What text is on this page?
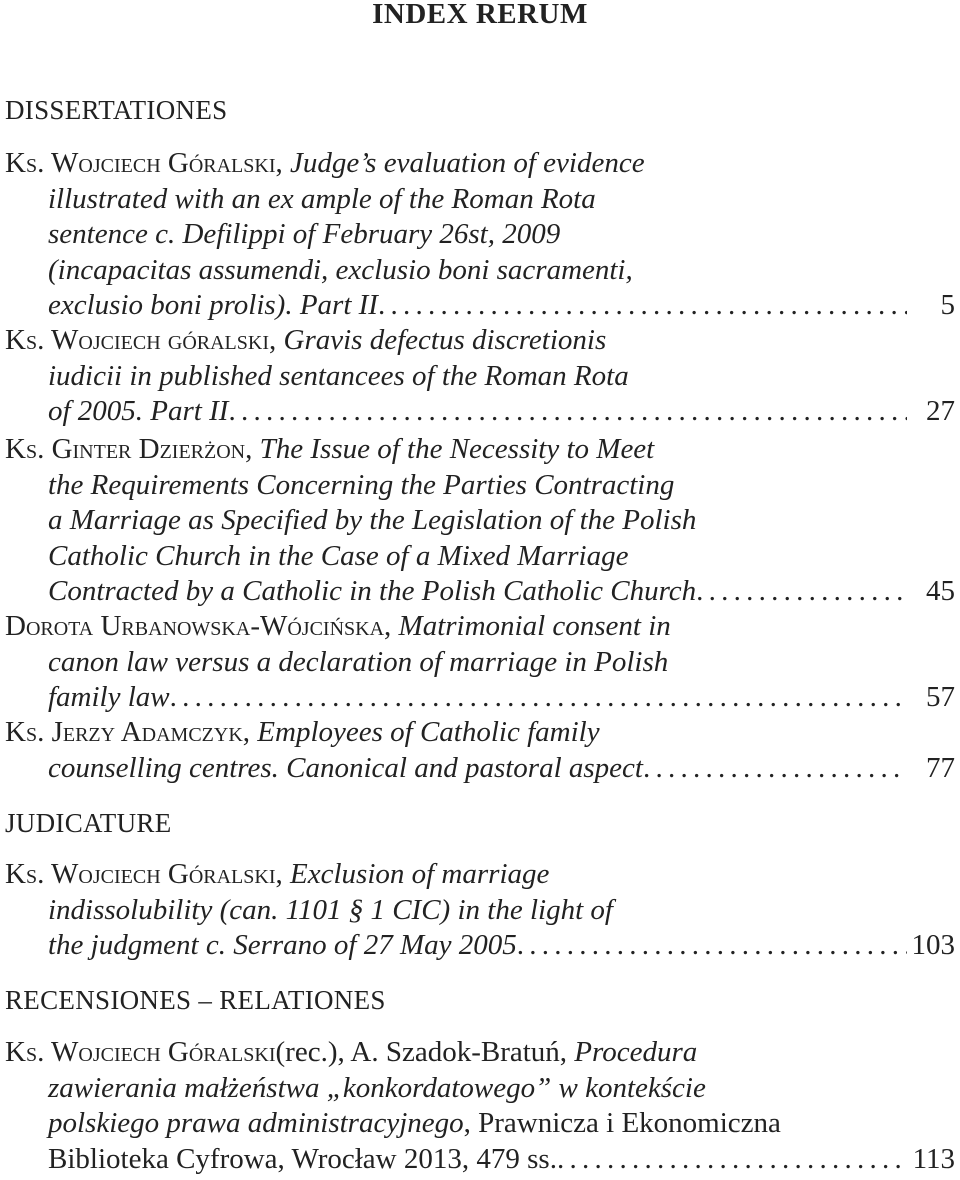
INDEX RERUM
DISSERTATIONES
Ks. Wojciech Góralski , Judge’s evaluation of evidence
illustrated with an ex ample of the Roman Rota
sentence c. Defilippi of February 26st, 2009
(incapacitas assumendi, exclusio boni sacramenti,
exclusio boni prolis). Part II . . .	5
Ks. Wojciech góralski , Gravis defectus discretionis
iudicii in published sentancees of the Roman Rota
of 2005. Part II . . .	27
Ks. Ginter Dzierżon , The Issue of the Necessity to Meet
the Requirements Concerning the Parties Contracting
a Marriage as Specified by the Legislation of the Polish
Catholic Church in the Case of a Mixed Marriage
Contracted by a Catholic in the Polish Catholic Church . . .	45
Dorota Urbanowska-Wójcińska , Matrimonial consent in
canon law versus a declaration of marriage in Polish
family law . . .	57
Ks. Jerzy Adamczyk , Employees of Catholic family
counselling centres. Canonical and pastoral aspect . . .	77
JUDICATURE
Ks. Wojciech Góralski , Exclusion of marriage
indissolubility (can. 1101 § 1 CIC) in the light of
the judgment c. Serrano of 27 May 2005 . . .	103
RECENSIONES – RELATIONES
Ks. Wojciech Góralski (rec.), A. Szadok-Bratuń,
Procedura
zawierania małżeństwa „konkordatowego” w kontekście
polskiego prawa administracyjnego , Prawnicza i Ekonomiczna
Biblioteka Cyfrowa, Wrocław 2013, 479 ss. . . .	113
